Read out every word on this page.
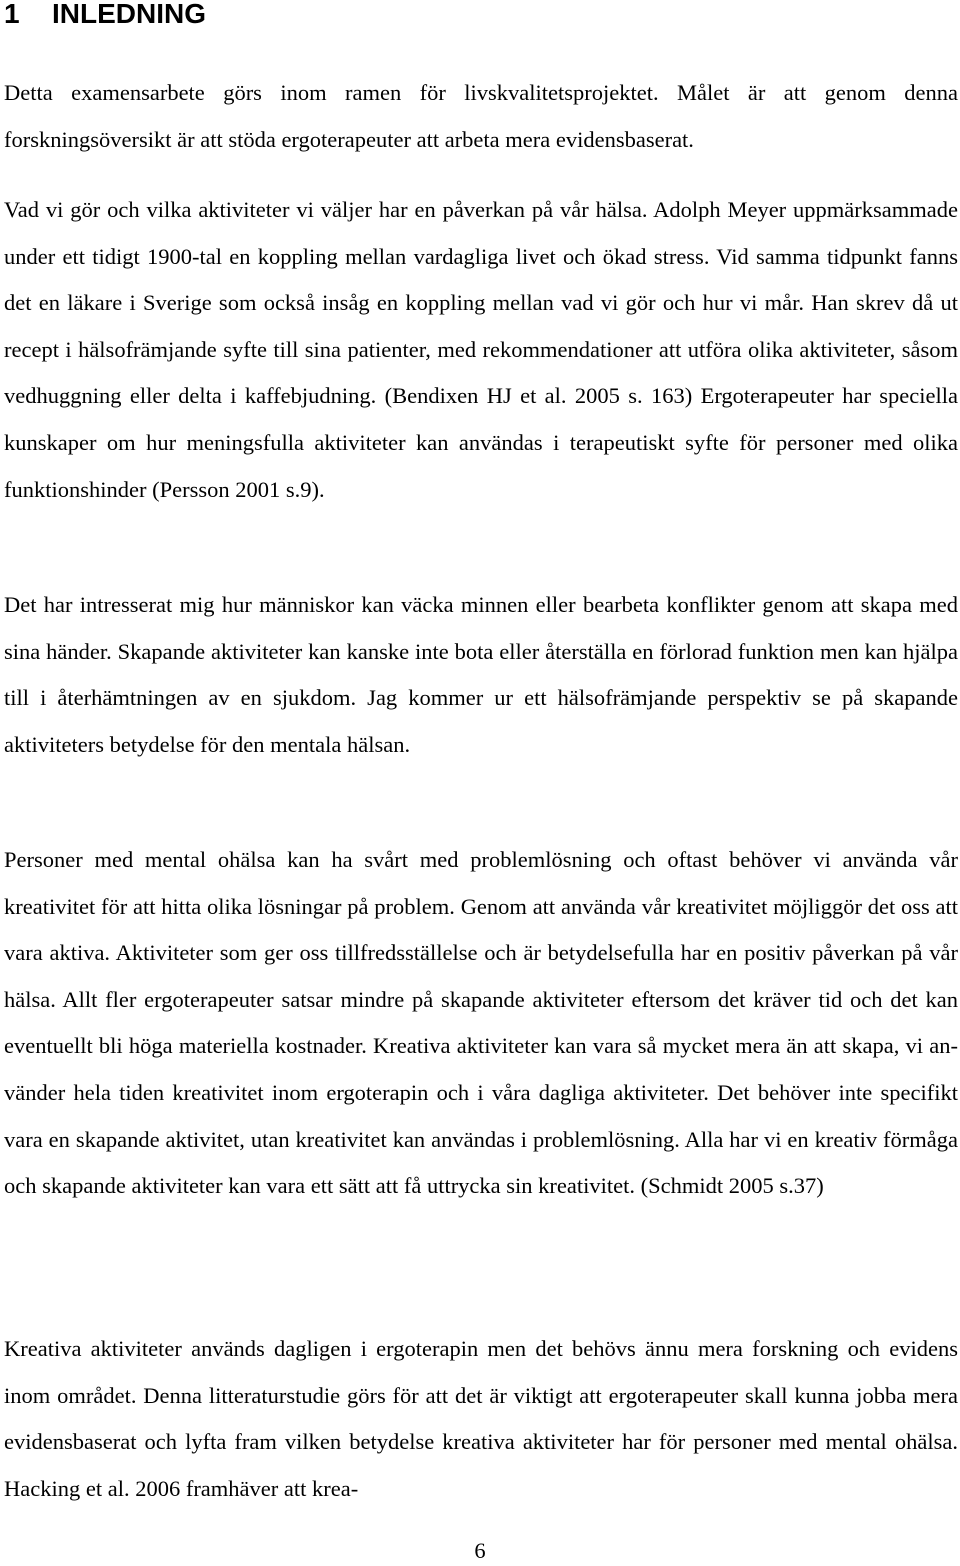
1 INLEDNING

Detta examensarbete görs inom ramen för livskvalitetsprojektet. Målet är att genom denna forskningsöversikt är att stöda ergoterapeuter att arbeta mera evidensbaserat.

Vad vi gör och vilka aktiviteter vi väljer har en påverkan på vår hälsa. Adolph Meyer uppmärksammade under ett tidigt 1900-tal en koppling mellan vardagliga livet och ökad stress. Vid samma tidpunkt fanns det en läkare i Sverige som också insåg en koppling mellan vad vi gör och hur vi mår. Han skrev då ut recept i hälsofrämjande syfte till sina patienter, med rekommendationer att utföra olika aktiviteter, såsom vedhuggning eller delta i kaffebjudning. (Bendixen HJ et al. 2005 s. 163) Ergoterapeuter har speciella kunskaper om hur meningsfulla aktiviteter kan användas i terapeutiskt syfte för personer med olika funktionshinder (Persson 2001 s.9).

Det har intresserat mig hur människor kan väcka minnen eller bearbeta konflikter genom att skapa med sina händer. Skapande aktiviteter kan kanske inte bota eller återställa en förlorad funktion men kan hjälpa till i återhämtningen av en sjukdom. Jag kommer ur ett hälsofrämjande perspektiv se på skapande aktiviteters betydelse för den mentala hälsan.

Personer med mental ohälsa kan ha svårt med problemlösning och oftast behöver vi använda vår kreativitet för att hitta olika lösningar på problem. Genom att använda vår kreativitet möjliggör det oss att vara aktiva. Aktiviteter som ger oss tillfredsställelse och är betydelsefulla har en positiv påverkan på vår hälsa. Allt fler ergoterapeuter satsar mindre på skapande aktiviteter eftersom det kräver tid och det kan eventuellt bli höga materiella kostnader. Kreativa aktiviteter kan vara så mycket mera än att skapa, vi använder hela tiden kreativitet inom ergoterapin och i våra dagliga aktiviteter. Det behöver inte specifikt vara en skapande aktivitet, utan kreativitet kan användas i problemlösning. Alla har vi en kreativ förmåga och skapande aktiviteter kan vara ett sätt att få uttrycka sin kreativitet. (Schmidt 2005 s.37)

Kreativa aktiviteter används dagligen i ergoterapin men det behövs ännu mera forskning och evidens inom området. Denna litteraturstudie görs för att det är viktigt att ergoterapeuter skall kunna jobba mera evidensbaserat och lyfta fram vilken betydelse kreativa aktiviteter har för personer med mental ohälsa. Hacking et al. 2006 framhäver att krea-

6
